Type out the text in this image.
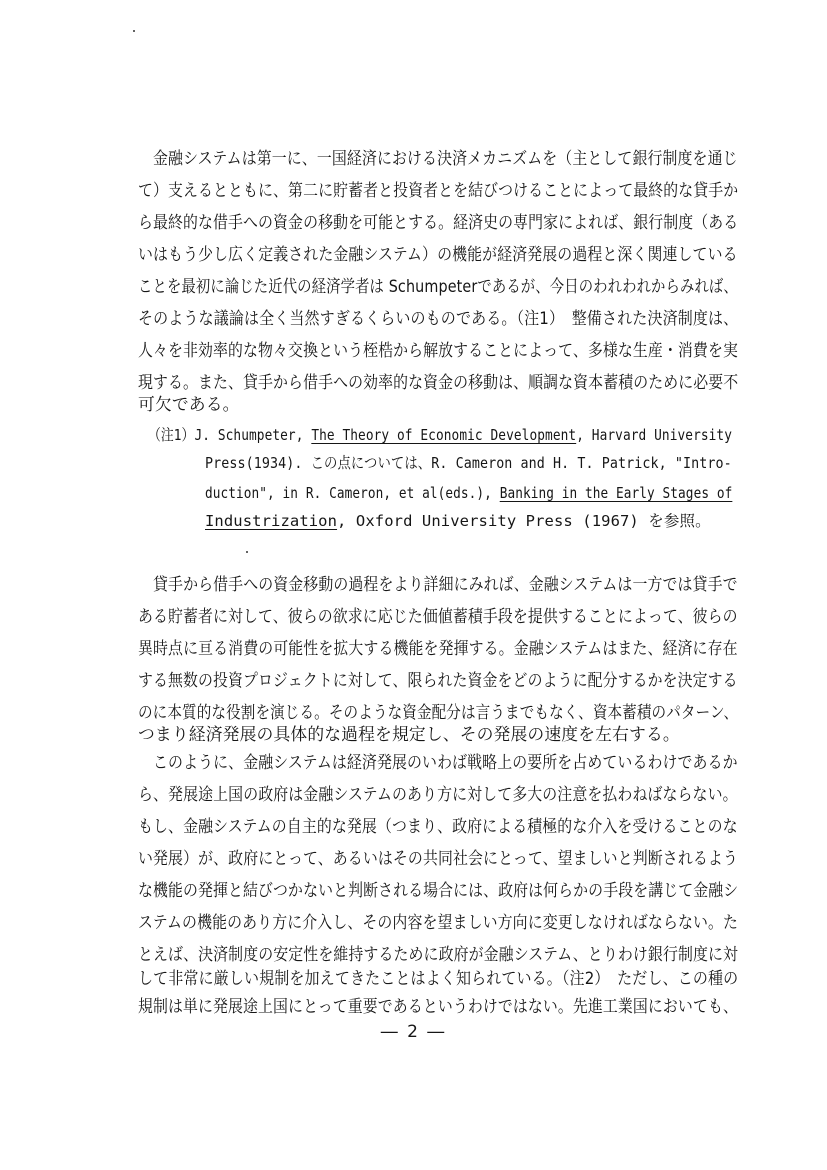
　金融システムは第一に、一国経済における決済メカニズムを（主として銀行制度を通じ
て）支えるとともに、第二に貯蓄者と投資者とを結びつけることによって最終的な貸手か
ら最終的な借手への資金の移動を可能とする。経済史の専門家によれば、銀行制度（ある
いはもう少し広く定義された金融システム）の機能が経済発展の過程と深く関連している
ことを最初に論じた近代の経済学者は Schumpeterであるが、今日のわれわれからみれば、
そのような議論は全く当然すぎるくらいのものである。（注1）　整備された決済制度は、
人々を非効率的な物々交換という桎梏から解放することによって、多様な生産・消費を実
現する。また、貸手から借手への効率的な資金の移動は、順調な資本蓄積のために必要不
可欠である。
（注1）J. Schumpeter, The Theory of Economic Development, Harvard University
Press(1934). この点については、R. Cameron and H. T. Patrick, "Intro-
duction", in R. Cameron, et al(eds.), Banking in the Early Stages of
Industrization, Oxford University Press (1967) を参照。
　貸手から借手への資金移動の過程をより詳細にみれば、金融システムは一方では貸手で
ある貯蓄者に対して、彼らの欲求に応じた価値蓄積手段を提供することによって、彼らの
異時点に亘る消費の可能性を拡大する機能を発揮する。金融システムはまた、経済に存在
する無数の投資プロジェクトに対して、限られた資金をどのように配分するかを決定する
のに本質的な役割を演じる。そのような資金配分は言うまでもなく、資本蓄積のパターン、
つまり経済発展の具体的な過程を規定し、その発展の速度を左右する。
　このように、金融システムは経済発展のいわば戦略上の要所を占めているわけであるか
ら、発展途上国の政府は金融システムのあり方に対して多大の注意を払わねばならない。
もし、金融システムの自主的な発展（つまり、政府による積極的な介入を受けることのな
い発展）が、政府にとって、あるいはその共同社会にとって、望ましいと判断されるよう
な機能の発揮と結びつかないと判断される場合には、政府は何らかの手段を講じて金融シ
ステムの機能のあり方に介入し、その内容を望ましい方向に変更しなければならない。た
とえば、決済制度の安定性を維持するために政府が金融システム、とりわけ銀行制度に対
して非常に厳しい規制を加えてきたことはよく知られている。（注2）　ただし、この種の
規制は単に発展途上国にとって重要であるというわけではない。先進工業国においても、
― 2 ―
